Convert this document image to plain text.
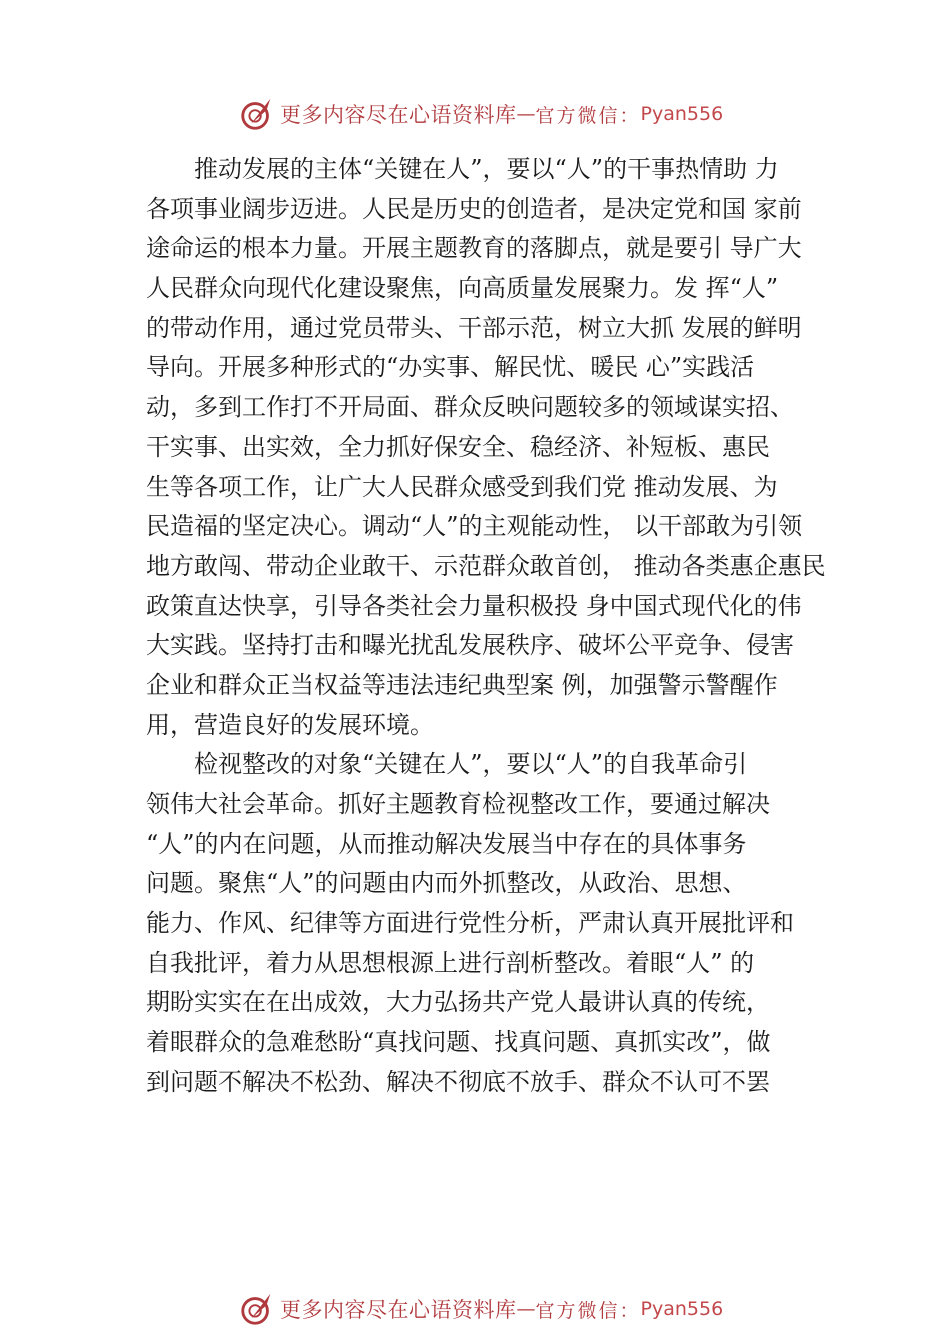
更多内容尽在心语资料库 — 官方微信： Pyan556
推动发展的主体“关键在人”，要以“人”的干事热情助 力
各项事业阔步迈进。人民是历史的创造者，是决定党和国 家前
途命运的根本力量。开展主题教育的落脚点，就是要引 导广大
人民群众向现代化建设聚焦，向高质量发展聚力。发 挥“人”
的带动作用，通过党员带头、干部示范，树立大抓 发展的鲜明
导向。开展多种形式的“办实事、解民忧、暖民 心”实践活
动，多到工作打不开局面、群众反映问题较多的领域谋实招、
干实事、出实效，全力抓好保安全、稳经济、补短板、惠民
生等各项工作，让广大人民群众感受到我们党 推动发展、为
民造福的坚定决心。调动“人”的主观能动性， 以干部敢为引领
地方敢闯、带动企业敢干、示范群众敢首创， 推动各类惠企惠民
政策直达快享，引导各类社会力量积极投 身中国式现代化的伟
大实践。坚持打击和曝光扰乱发展秩序、破坏公平竞争、侵害
企业和群众正当权益等违法违纪典型案 例，加强警示警醒作
用，营造良好的发展环境。
检视整改的对象“关键在人”，要以“人”的自我革命引
领伟大社会革命。抓好主题教育检视整改工作，要通过解决
“人”的内在问题，从而推动解决发展当中存在的具体事务
问题。聚焦“人”的问题由内而外抓整改，从政治、思想、
能力、作风、纪律等方面进行党性分析，严肃认真开展批评和
自我批评，着力从思想根源上进行剖析整改。着眼“人” 的
期盼实实在在出成效，大力弘扬共产党人最讲认真的传统，
着眼群众的急难愁盼“真找问题、找真问题、真抓实改”，做
到问题不解决不松劲、解决不彻底不放手、群众不认可不罢
更多内容尽在心语资料库 — 官方微信： Pyan556
